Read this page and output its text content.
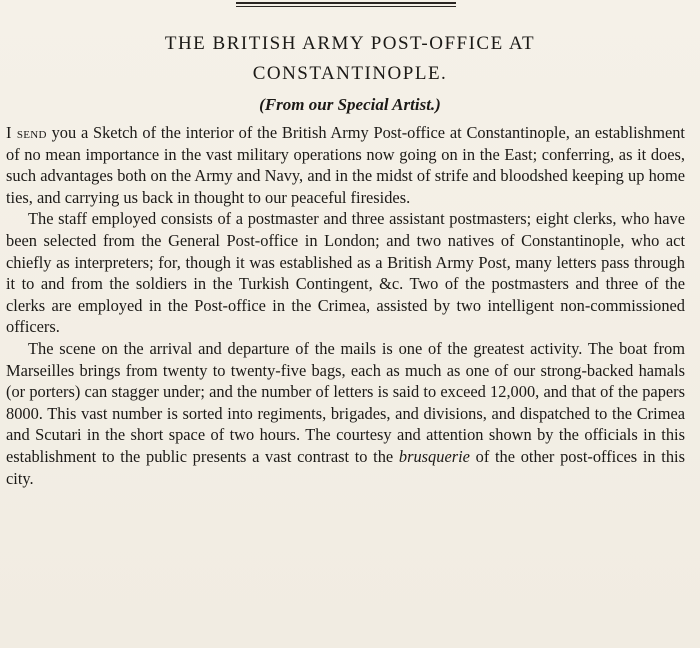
THE BRITISH ARMY POST-OFFICE AT
CONSTANTINOPLE.
(From our Special Artist.)

I send you a Sketch of the interior of the British Army Post-office at Constantinople, an establishment of no mean importance in the vast military operations now going on in the East; conferring, as it does, such advantages both on the Army and Navy, and in the midst of strife and bloodshed keeping up home ties, and carrying us back in thought to our peaceful firesides.

The staff employed consists of a postmaster and three assistant postmasters; eight clerks, who have been selected from the General Post-office in London; and two natives of Constantinople, who act chiefly as interpreters; for, though it was established as a British Army Post, many letters pass through it to and from the soldiers in the Turkish Contingent, &c. Two of the postmasters and three of the clerks are employed in the Post-office in the Crimea, assisted by two intelligent non-commissioned officers.

The scene on the arrival and departure of the mails is one of the greatest activity. The boat from Marseilles brings from twenty to twenty-five bags, each as much as one of our strong-backed hamals (or porters) can stagger under; and the number of letters is said to exceed 12,000, and that of the papers 8000. This vast number is sorted into regiments, brigades, and divisions, and dispatched to the Crimea and Scutari in the short space of two hours. The courtesy and attention shown by the officials in this establishment to the public presents a vast contrast to the brusquerie of the other post-offices in this city.
